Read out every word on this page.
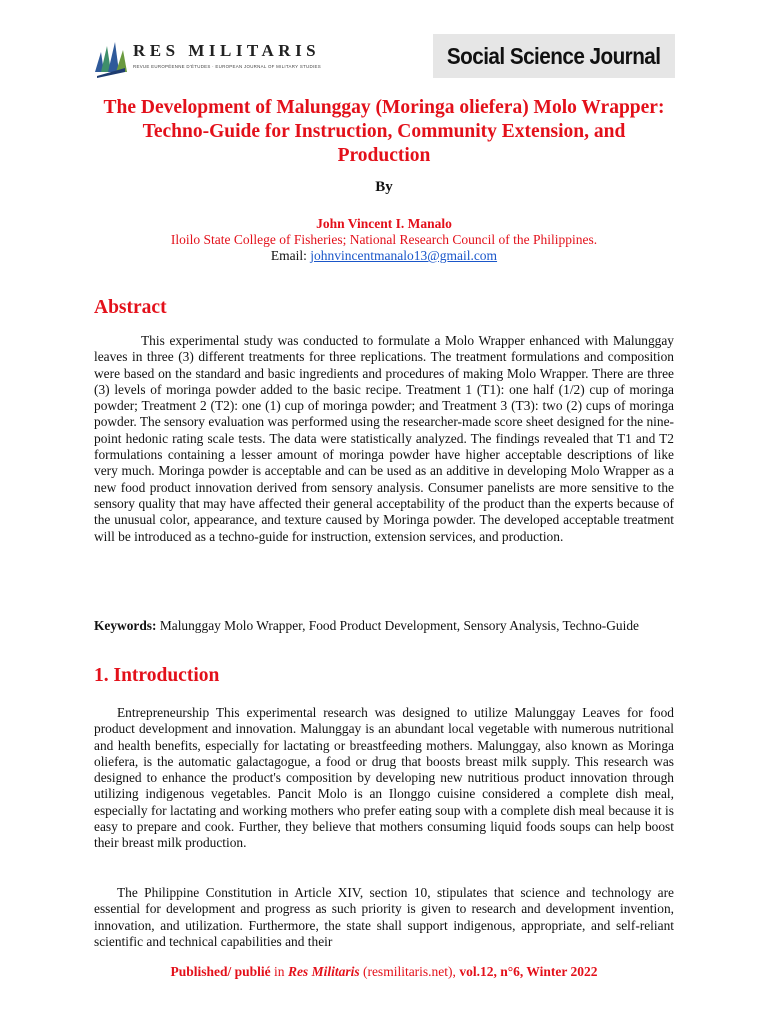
RES MILITARIS
REVUE EUROPÉENNE D'ÉTUDES · EUROPEAN JOURNAL OF MILITARY STUDIES	Social Science Journal
The Development of Malunggay (Moringa oliefera) Molo Wrapper: Techno-Guide for Instruction, Community Extension, and Production
By
John Vincent I. Manalo
Iloilo State College of Fisheries; National Research Council of the Philippines.
Email: johnvincentmanalo13@gmail.com
Abstract

This experimental study was conducted to formulate a Molo Wrapper enhanced with Malunggay leaves in three (3) different treatments for three replications. The treatment formulations and composition were based on the standard and basic ingredients and procedures of making Molo Wrapper. There are three (3) levels of moringa powder added to the basic recipe. Treatment 1 (T1): one half (1/2) cup of moringa powder; Treatment 2 (T2): one (1) cup of moringa powder; and Treatment 3 (T3): two (2) cups of moringa powder. The sensory evaluation was performed using the researcher-made score sheet designed for the nine-point hedonic rating scale tests. The data were statistically analyzed. The findings revealed that T1 and T2 formulations containing a lesser amount of moringa powder have higher acceptable descriptions of like very much. Moringa powder is acceptable and can be used as an additive in developing Molo Wrapper as a new food product innovation derived from sensory analysis. Consumer panelists are more sensitive to the sensory quality that may have affected their general acceptability of the product than the experts because of the unusual color, appearance, and texture caused by Moringa powder. The developed acceptable treatment will be introduced as a techno-guide for instruction, extension services, and production.

Keywords: Malunggay Molo Wrapper, Food Product Development, Sensory Analysis, Techno-Guide

1. Introduction

Entrepreneurship This experimental research was designed to utilize Malunggay Leaves for food product development and innovation. Malunggay is an abundant local vegetable with numerous nutritional and health benefits, especially for lactating or breastfeeding mothers. Malunggay, also known as Moringa oliefera, is the automatic galactagogue, a food or drug that boosts breast milk supply. This research was designed to enhance the product's composition by developing new nutritious product innovation through utilizing indigenous vegetables. Pancit Molo is an Ilonggo cuisine considered a complete dish meal, especially for lactating and working mothers who prefer eating soup with a complete dish meal because it is easy to prepare and cook. Further, they believe that mothers consuming liquid foods soups can help boost their breast milk production.

The Philippine Constitution in Article XIV, section 10, stipulates that science and technology are essential for development and progress as such priority is given to research and development invention, innovation, and utilization. Furthermore, the state shall support indigenous, appropriate, and self-reliant scientific and technical capabilities and their

Published/ publié in Res Militaris (resmilitaris.net), vol.12, n°6, Winter 2022
